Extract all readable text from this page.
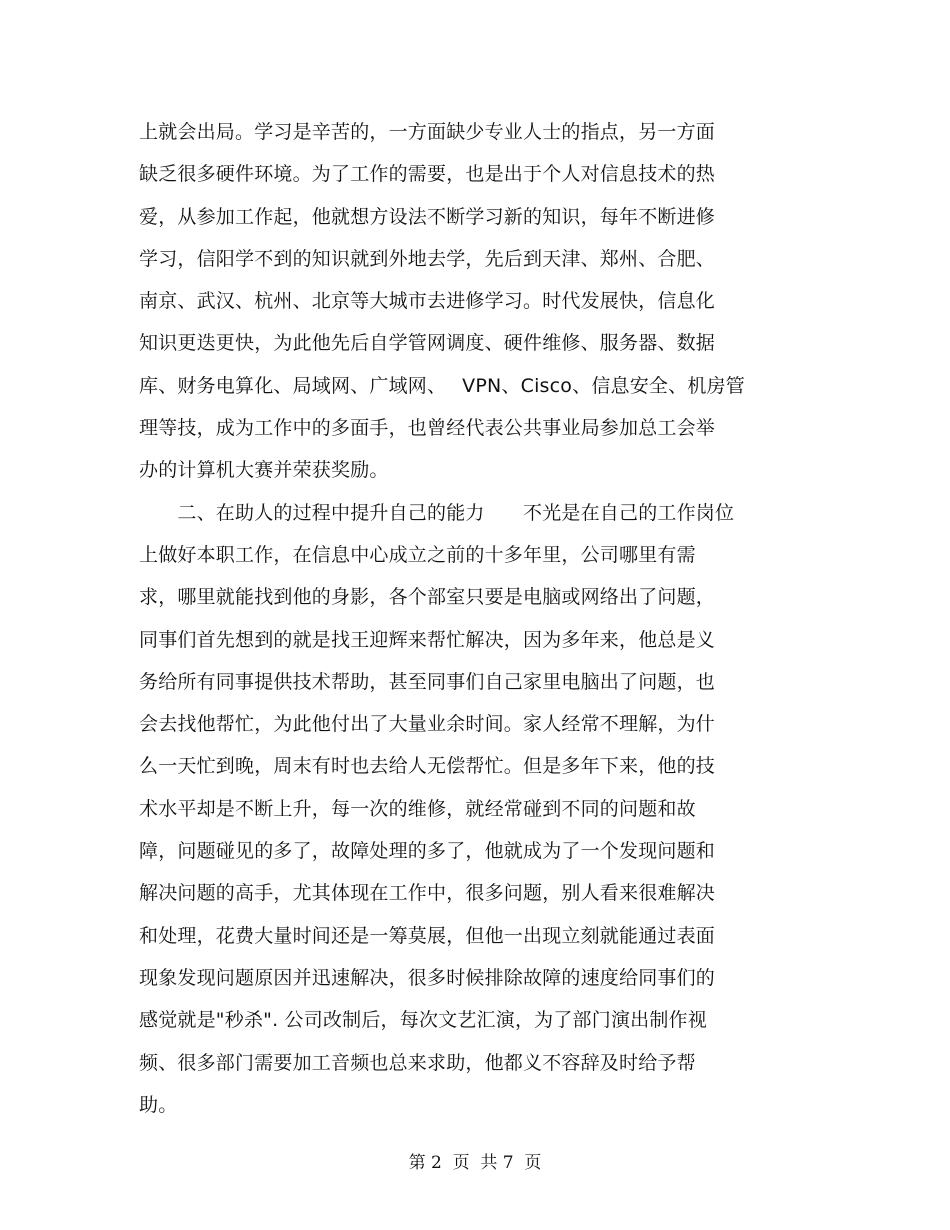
上就会出局。学习是辛苦的，一方面缺少专业人士的指点，另一方面
缺乏很多硬件环境。为了工作的需要，也是出于个人对信息技术的热
爱，从参加工作起，他就想方设法不断学习新的知识，每年不断进修
学习，信阳学不到的知识就到外地去学，先后到天津、郑州、合肥、
南京、武汉、杭州、北京等大城市去进修学习。时代发展快，信息化
知识更迭更快，为此他先后自学管网调度、硬件维修、服务器、数据
库、财务电算化、局域网、广域网、　 VPN、Cisco、信息安全、机房管
理等技，成为工作中的多面手，也曾经代表公共事业局参加总工会举
办的计算机大赛并荣获奖励。
　　二、在助人的过程中提升自己的能力　　不光是在自己的工作岗位
上做好本职工作，在信息中心成立之前的十多年里，公司哪里有需
求，哪里就能找到他的身影，各个部室只要是电脑或网络出了问题，
同事们首先想到的就是找王迎辉来帮忙解决，因为多年来，他总是义
务给所有同事提供技术帮助，甚至同事们自己家里电脑出了问题，也
会去找他帮忙，为此他付出了大量业余时间。家人经常不理解，为什
么一天忙到晚，周末有时也去给人无偿帮忙。但是多年下来，他的技
术水平却是不断上升，每一次的维修，就经常碰到不同的问题和故
障，问题碰见的多了，故障处理的多了，他就成为了一个发现问题和
解决问题的高手，尤其体现在工作中，很多问题，别人看来很难解决
和处理，花费大量时间还是一筹莫展，但他一出现立刻就能通过表面
现象发现问题原因并迅速解决，很多时候排除故障的速度给同事们的
感觉就是"秒杀". 公司改制后，每次文艺汇演，为了部门演出制作视
频、很多部门需要加工音频也总来求助，他都义不容辞及时给予帮
助。
第 2  页  共 7  页
